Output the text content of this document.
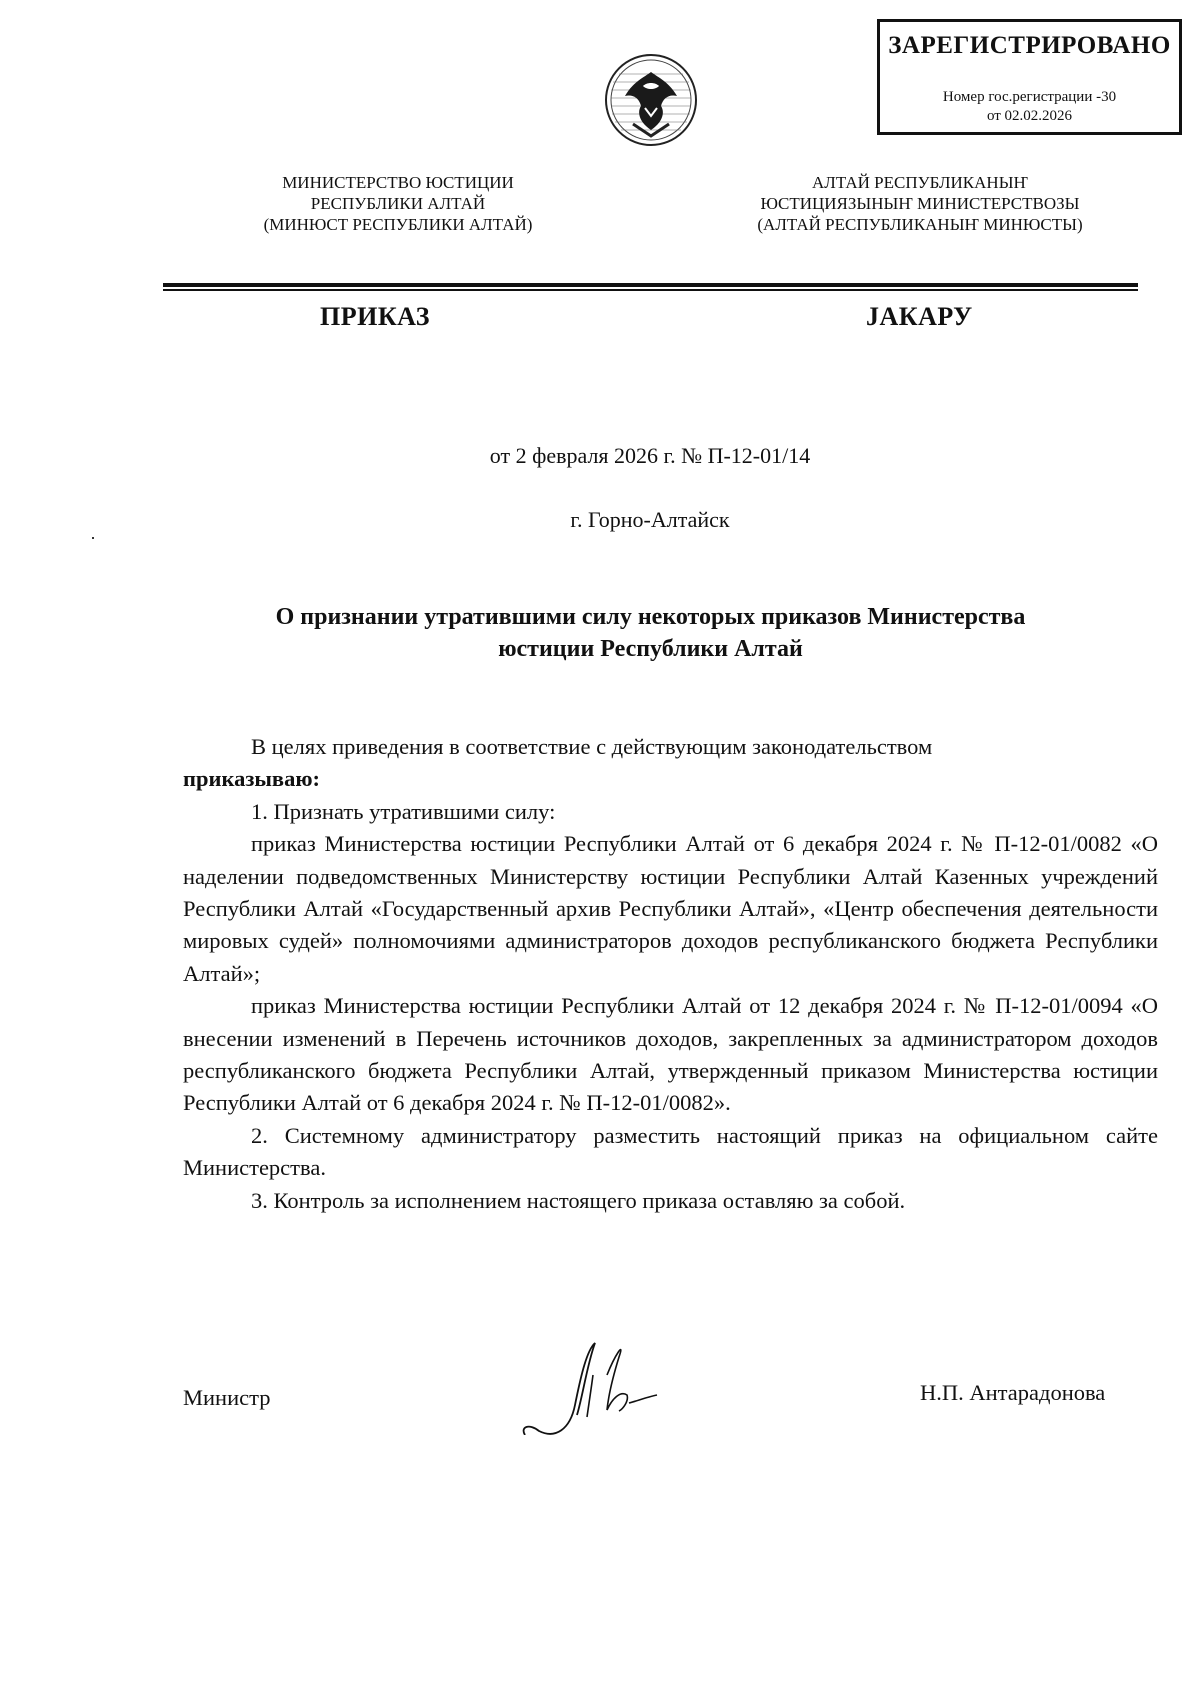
ЗАРЕГИСТРИРОВАНО
Номер гос.регистрации -30
от 02.02.2026
МИНИСТЕРСТВО ЮСТИЦИИ
РЕСПУБЛИКИ АЛТАЙ
(МИНЮСТ РЕСПУБЛИКИ АЛТАЙ)
АЛТАЙ РЕСПУБЛИКАНЫҤ
ЮСТИЦИЯЗЫНЫҤ МИНИСТЕРСТВОЗЫ
(АЛТАЙ РЕСПУБЛИКАНЫҤ МИНЮСТЫ)
ПРИКАЗ	ЈАКАРУ
от 2 февраля 2026 г. № П-12-01/14
г. Горно-Алтайск
О признании утратившими силу некоторых приказов Министерства
юстиции Республики Алтай

В целях приведения в соответствие с действующим законодательством

приказываю:

1. Признать утратившими силу:

приказ Министерства юстиции Республики Алтай от 6 декабря 2024 г. № П-12-01/0082 «О наделении подведомственных Министерству юстиции Республики Алтай Казенных учреждений Республики Алтай «Государственный архив Республики Алтай», «Центр обеспечения деятельности мировых судей» полномочиями администраторов доходов республиканского бюджета Республики Алтай»;

приказ Министерства юстиции Республики Алтай от 12 декабря 2024 г. № П-12-01/0094 «О внесении изменений в Перечень источников доходов, закрепленных за администратором доходов республиканского бюджета Республики Алтай, утвержденный приказом Министерства юстиции Республики Алтай от 6 декабря 2024 г. № П-12-01/0082».

2. Системному администратору разместить настоящий приказ на официальном сайте Министерства.

3. Контроль за исполнением настоящего приказа оставляю за собой.

Министр	Н.П. Антарадонова
